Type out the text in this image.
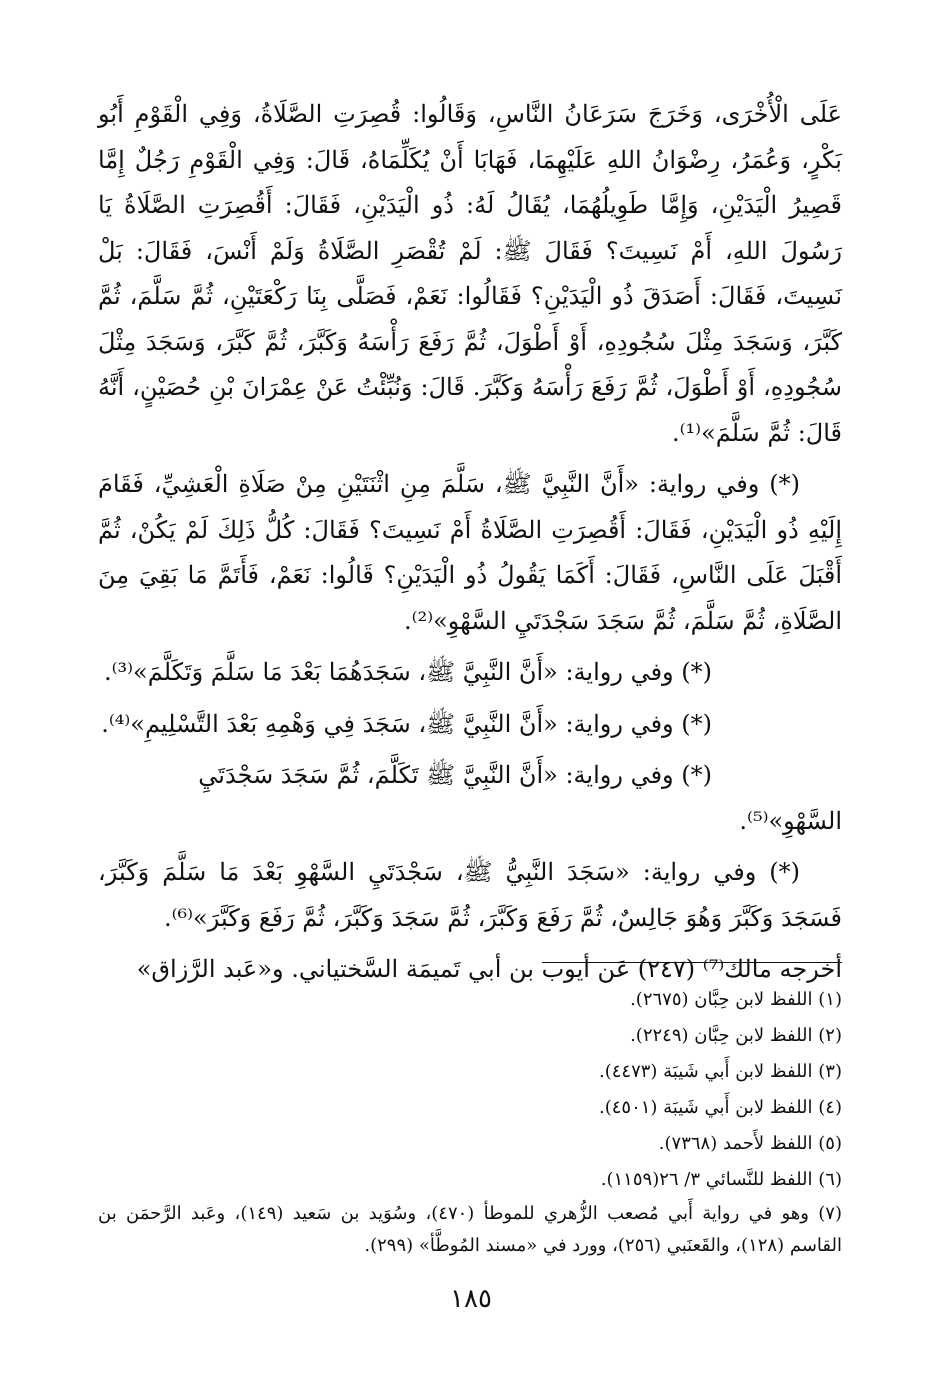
عَلَى الْأُخْرَى، وَخَرَجَ سَرَعَانُ النَّاسِ، وَقَالُوا: قُصِرَتِ الصَّلَاةُ، وَفِي الْقَوْمِ أَبُو بَكْرٍ، وَعُمَرُ، رِضْوَانُ اللهِ عَلَيْهِمَا، فَهَابَا أَنْ يُكَلِّمَاهُ، قَالَ: وَفِي الْقَوْمِ رَجُلٌ إِمَّا قَصِيرُ الْيَدَيْنِ، وَإِمَّا طَوِيلُهُمَا، يُقَالُ لَهُ: ذُو الْيَدَيْنِ، فَقَالَ: أَقُصِرَتِ الصَّلَاةُ يَا رَسُولَ اللهِ، أَمْ نَسِيتَ؟ فَقَالَ ﷺ: لَمْ تُقْصَرِ الصَّلَاةُ وَلَمْ أَنْسَ، فَقَالَ: بَلْ نَسِيتَ، فَقَالَ: أَصَدَقَ ذُو الْيَدَيْنِ؟ فَقَالُوا: نَعَمْ، فَصَلَّى بِنَا رَكْعَتَيْنِ، ثُمَّ سَلَّمَ، ثُمَّ كَبَّرَ، وَسَجَدَ مِثْلَ سُجُودِهِ، أَوْ أَطْوَلَ، ثُمَّ رَفَعَ رَأْسَهُ وَكَبَّرَ، ثُمَّ كَبَّرَ، وَسَجَدَ مِثْلَ سُجُودِهِ، أَوْ أَطْوَلَ، ثُمَّ رَفَعَ رَأْسَهُ وَكَبَّرَ. قَالَ: وَنُبِّئْتُ عَنْ عِمْرَانَ بْنِ حُصَيْنٍ، أَنَّهُ قَالَ: ثُمَّ سَلَّمَ»⁽¹⁾.

(*) وفي رواية: «أَنَّ النَّبِيَّ ﷺ، سَلَّمَ مِنِ اثْنَتَيْنِ مِنْ صَلَاةِ الْعَشِيِّ، فَقَامَ إِلَيْهِ ذُو الْيَدَيْنِ، فَقَالَ: أَقُصِرَتِ الصَّلَاةُ أَمْ نَسِيتَ؟ فَقَالَ: كُلُّ ذَلِكَ لَمْ يَكُنْ، ثُمَّ أَقْبَلَ عَلَى النَّاسِ، فَقَالَ: أَكَمَا يَقُولُ ذُو الْيَدَيْنِ؟ قَالُوا: نَعَمْ، فَأَتَمَّ مَا بَقِيَ مِنَ الصَّلَاةِ، ثُمَّ سَلَّمَ، ثُمَّ سَجَدَ سَجْدَتَيِ السَّهْوِ»⁽²⁾.

(*) وفي رواية: «أَنَّ النَّبِيَّ ﷺ، سَجَدَهُمَا بَعْدَ مَا سَلَّمَ وَتَكَلَّمَ»⁽³⁾.

(*) وفي رواية: «أَنَّ النَّبِيَّ ﷺ، سَجَدَ فِي وَهْمِهِ بَعْدَ التَّسْلِيمِ»⁽⁴⁾.

(*) وفي رواية: «أَنَّ النَّبِيَّ ﷺ تَكَلَّمَ، ثُمَّ سَجَدَ سَجْدَتَيِ السَّهْوِ»⁽⁵⁾.

(*) وفي رواية: «سَجَدَ النَّبِيُّ ﷺ، سَجْدَتَيِ السَّهْوِ بَعْدَ مَا سَلَّمَ وَكَبَّرَ، فَسَجَدَ وَكَبَّرَ وَهُوَ جَالِسٌ، ثُمَّ رَفَعَ وَكَبَّرَ، ثُمَّ سَجَدَ وَكَبَّرَ، ثُمَّ رَفَعَ وَكَبَّرَ»⁽⁶⁾.

أخرجه مالك⁽⁷⁾ (٢٤٧) عَن أيوب بن أبي تَميمَة السَّختياني. و«عَبد الرَّزاق»

(١) اللفظ لابن حِبَّان (٢٦٧٥).

(٢) اللفظ لابن حِبَّان (٢٢٤٩).

(٣) اللفظ لابن أَبي شَيبَة (٤٤٧٣).

(٤) اللفظ لابن أَبي شَيبَة (٤٥٠١).

(٥) اللفظ لأَحمد (٧٣٦٨).

(٦) اللفظ للنَّسائي ٣/ ٢٦(١١٥٩).

(٧) وهو في رواية أَبي مُصعب الزُّهري للموطأ (٤٧٠)، وسُوَيد بن سَعيد (١٤٩)، وعَبد الرَّحمَن بن القاسم (١٢٨)، والقَعنَبي (٢٥٦)، وورد في «مسند المُوطَّأ» (٢٩٩).

١٨٥
